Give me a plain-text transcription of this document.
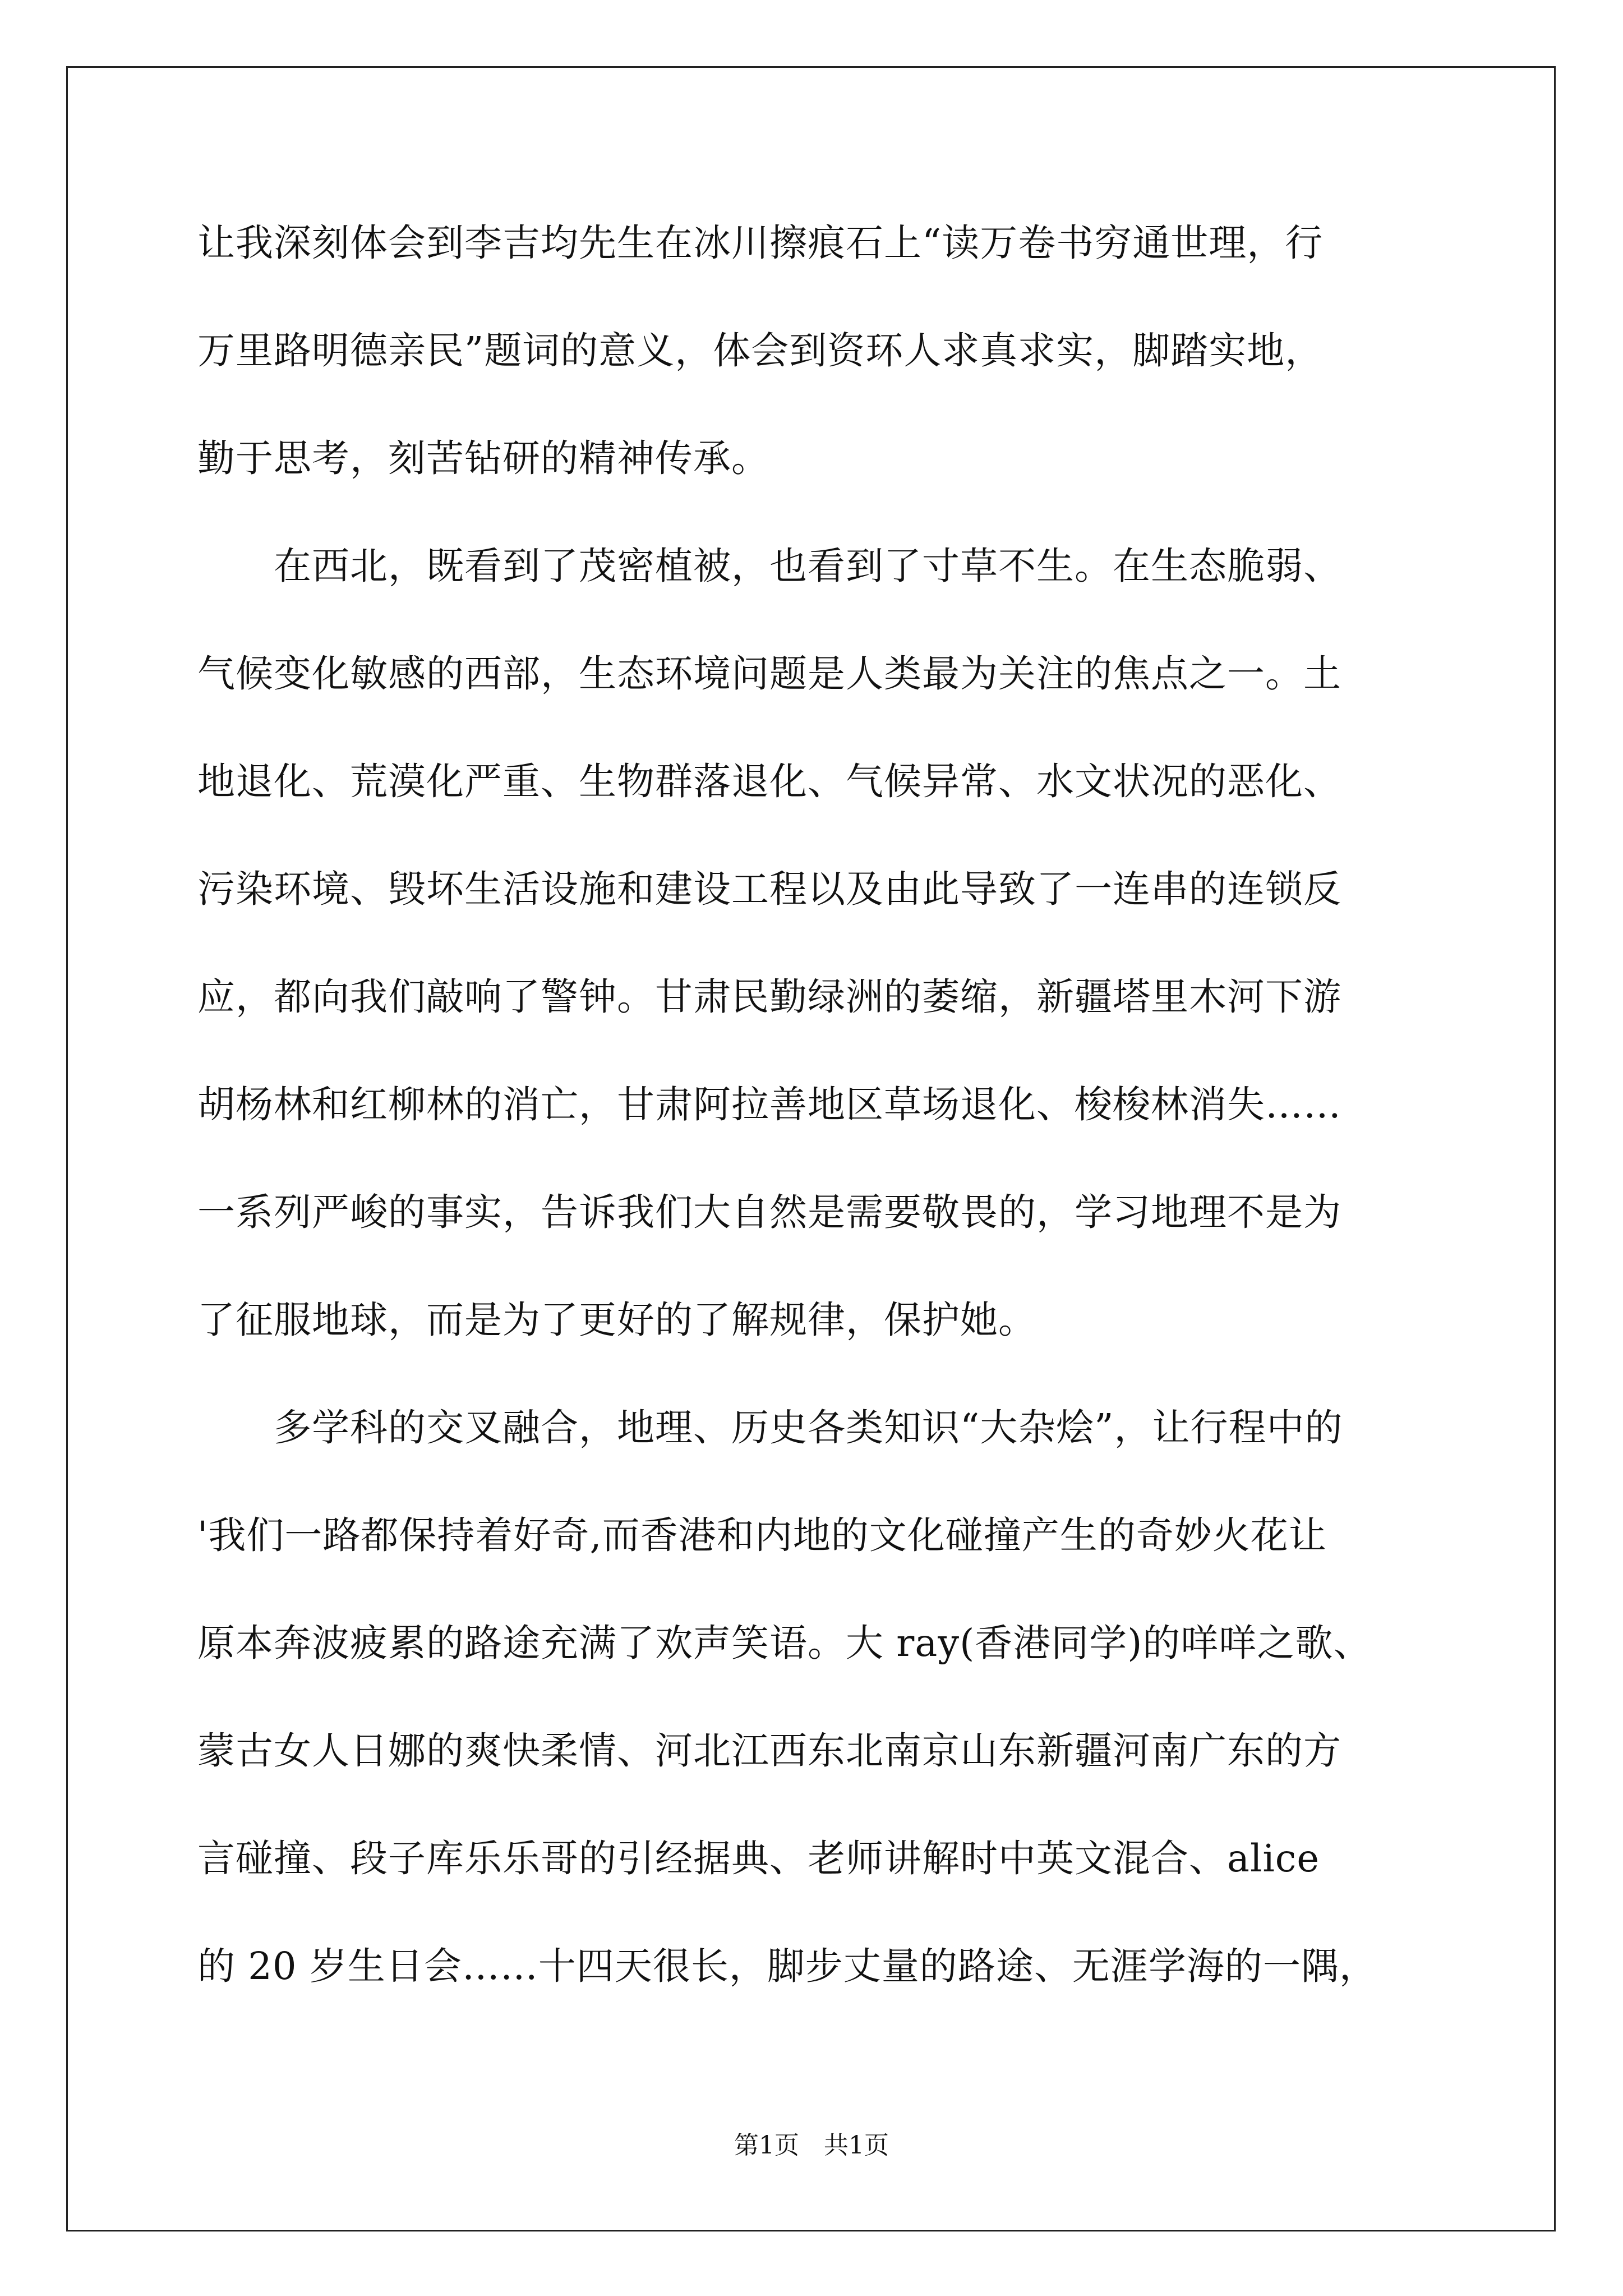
让我深刻体会到李吉均先生在冰川擦痕石上“读万卷书穷通世理，行
万里路明德亲民”题词的意义，体会到资环人求真求实，脚踏实地，
勤于思考，刻苦钻研的精神传承。
　　在西北，既看到了茂密植被，也看到了寸草不生。在生态脆弱、
气候变化敏感的西部，生态环境问题是人类最为关注的焦点之一。土
地退化、荒漠化严重、生物群落退化、气候异常、水文状况的恶化、
污染环境、毁坏生活设施和建设工程以及由此导致了一连串的连锁反
应，都向我们敲响了警钟。甘肃民勤绿洲的萎缩，新疆塔里木河下游
胡杨林和红柳林的消亡，甘肃阿拉善地区草场退化、梭梭林消失……
一系列严峻的事实，告诉我们大自然是需要敬畏的，学习地理不是为
了征服地球，而是为了更好的了解规律，保护她。
　　多学科的交叉融合，地理、历史各类知识“大杂烩”，让行程中的
'我们一路都保持着好奇,而香港和内地的文化碰撞产生的奇妙火花让
原本奔波疲累的路途充满了欢声笑语。大 ray(香港同学)的咩咩之歌、
蒙古女人日娜的爽快柔情、河北江西东北南京山东新疆河南广东的方
言碰撞、段子库乐乐哥的引经据典、老师讲解时中英文混合、alice
的 20 岁生日会……十四天很长，脚步丈量的路途、无涯学海的一隅，
第1页　共1页
